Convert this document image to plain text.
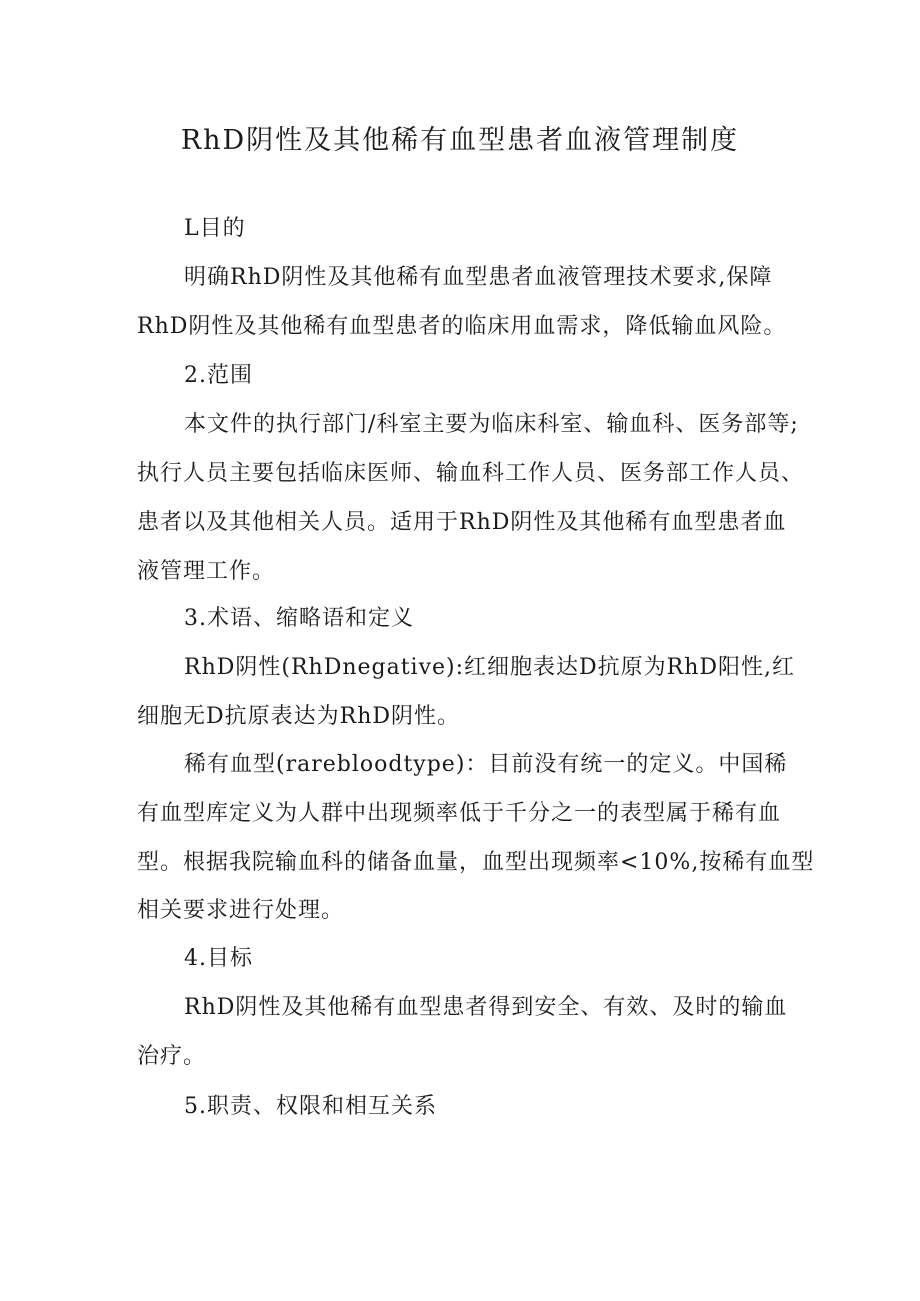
RhD阴性及其他稀有血型患者血液管理制度
L目的
明确RhD阴性及其他稀有血型患者血液管理技术要求,保障
RhD阴性及其他稀有血型患者的临床用血需求，降低输血风险。
2.范围
本文件的执行部门/科室主要为临床科室、输血科、医务部等;
执行人员主要包括临床医师、输血科工作人员、医务部工作人员、
患者以及其他相关人员。适用于RhD阴性及其他稀有血型患者血
液管理工作。
3.术语、缩略语和定义
RhD阴性(RhDnegative):红细胞表达D抗原为RhD阳性,红
细胞无D抗原表达为RhD阴性。
稀有血型(rarebloodtype)：目前没有统一的定义。中国稀
有血型库定义为人群中出现频率低于千分之一的表型属于稀有血
型。根据我院输血科的储备血量，血型出现频率<10%,按稀有血型
相关要求进行处理。
4.目标
RhD阴性及其他稀有血型患者得到安全、有效、及时的输血
治疗。
5.职责、权限和相互关系
